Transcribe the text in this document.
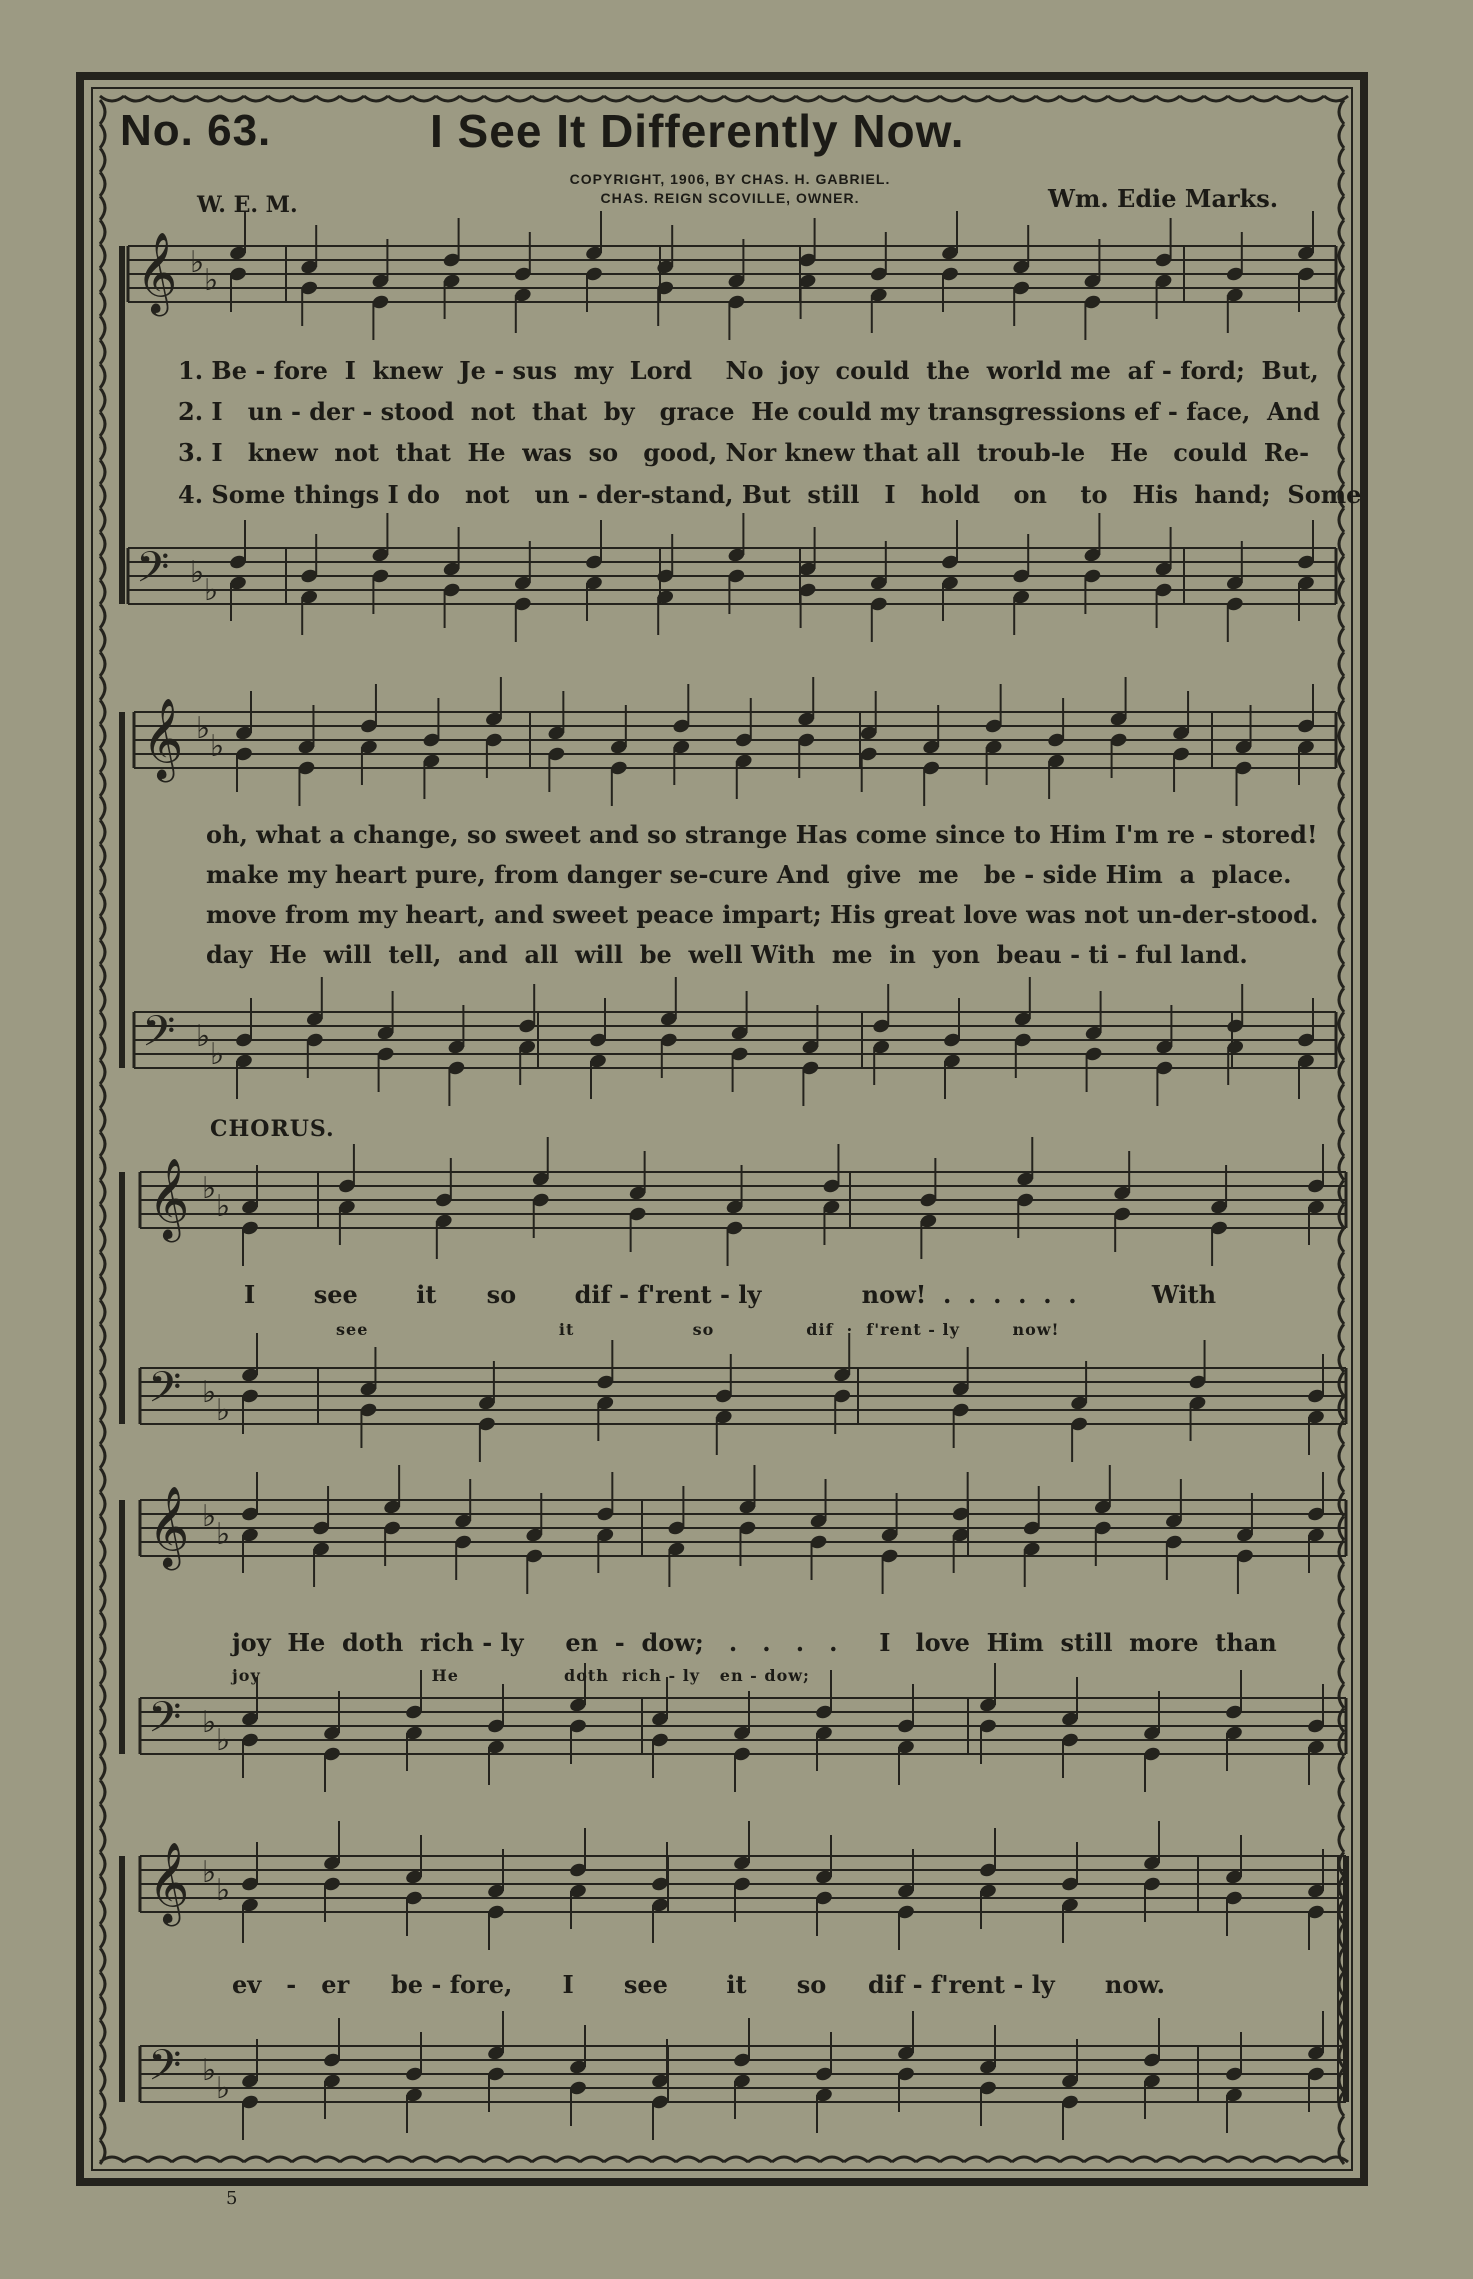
𝄞 ♭
♭
𝄢 ♭
♭
𝄞 ♭
♭
𝄢 ♭
♭
𝄞 ♭
♭
𝄢 ♭
♭
𝄞 ♭
♭
𝄢 ♭
♭
𝄞 ♭
♭
𝄢 ♭
♭
No. 63.	I See It Differently Now.
W. E. M.
COPYRIGHT, 1906, BY CHAS. H. GABRIEL.
CHAS. REIGN SCOVILLE, OWNER.	Wm. Edie Marks.
1. Be - fore  I  knew  Je - sus  my  Lord    No  joy  could  the  world me  af - ford;  But,
2. I   un - der - stood  not  that  by   grace  He could my transgressions ef - face,  And
3. I   knew  not  that  He  was  so   good, Nor knew that all  troub-le   He   could  Re-
4. Some things I do   not   un - der-stand, But  still   I   hold    on    to   His  hand;  Some
oh, what a change, so sweet and so strange Has come since to Him I'm re - stored!
make my heart pure, from danger se-cure And  give  me   be - side Him  a  place.
move from my heart, and sweet peace impart; His great love was not un-der-stood.
day  He  will  tell,  and  all  will  be  well With  me  in  yon  beau - ti - ful land.
CHORUS.
I       see       it      so       dif - f'rent - ly            now!  .  .  .  .  .  .         With
see                             it                  so              dif  ·  f'rent - ly        now!
joy  He  doth  rich - ly     en  -  dow;   .   .   .   .     I   love  Him  still  more  than
joy                          He                doth  rich - ly   en - dow;
ev   -   er     be - fore,      I      see       it      so     dif - f'rent - ly      now.
5
